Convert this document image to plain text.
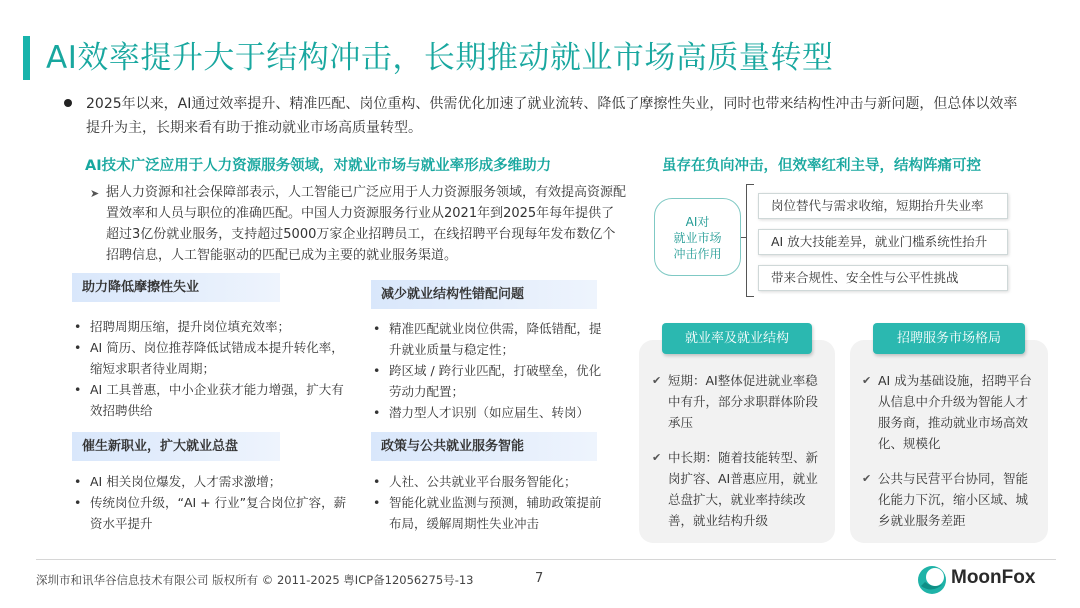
AI效率提升大于结构冲击，长期推动就业市场高质量转型
2025年以来，AI通过效率提升、精准匹配、岗位重构、供需优化加速了就业流转、降低了摩擦性失业，同时也带来结构性冲击与新问题，但总体以效率提升为主，长期来看有助于推动就业市场高质量转型。
AI技术广泛应用于人力资源服务领域，对就业市场与就业率形成多维助力
➤ 据人力资源和社会保障部表示，人工智能已广泛应用于人力资源服务领域，有效提高资源配置效率和人员与职位的准确匹配。中国人力资源服务行业从2021年到2025年每年提供了超过3亿份就业服务，支持超过5000万家企业招聘员工，在线招聘平台现每年发布数亿个招聘信息，人工智能驱动的匹配已成为主要的就业服务渠道。
助力降低摩擦性失业
• 招聘周期压缩，提升岗位填充效率；
• AI 简历、岗位推荐降低试错成本提升转化率，缩短求职者待业周期；
• AI 工具普惠，中小企业获才能力增强，扩大有效招聘供给
减少就业结构性错配问题
• 精准匹配就业岗位供需，降低错配，提升就业质量与稳定性；
• 跨区域 / 跨行业匹配，打破壁垒，优化劳动力配置；
• 潜力型人才识别（如应届生、转岗）
催生新职业，扩大就业总盘
• AI 相关岗位爆发，人才需求激增；
• 传统岗位升级，“AI + 行业”复合岗位扩容，薪资水平提升
政策与公共就业服务智能
• 人社、公共就业平台服务智能化；
• 智能化就业监测与预测，辅助政策提前布局，缓解周期性失业冲击
虽存在负向冲击，但效率红利主导，结构阵痛可控
AI对
就业市场
冲击作用
岗位替代与需求收缩，短期抬升失业率
AI 放大技能差异，就业门槛系统性抬升
带来合规性、安全性与公平性挑战
就业率及就业结构
✔ 短期：AI整体促进就业率稳中有升，部分求职群体阶段承压
✔ 中长期：随着技能转型、新岗扩容、AI普惠应用，就业总盘扩大，就业率持续改善，就业结构升级
招聘服务市场格局
✔ AI 成为基础设施，招聘平台从信息中介升级为智能人才服务商，推动就业市场高效化、规模化
✔ 公共与民营平台协同，智能化能力下沉，缩小区域、城乡就业服务差距
深圳市和讯华谷信息技术有限公司 版权所有 © 2011-2025 粤ICP备12056275号-13	7	MoonFox
